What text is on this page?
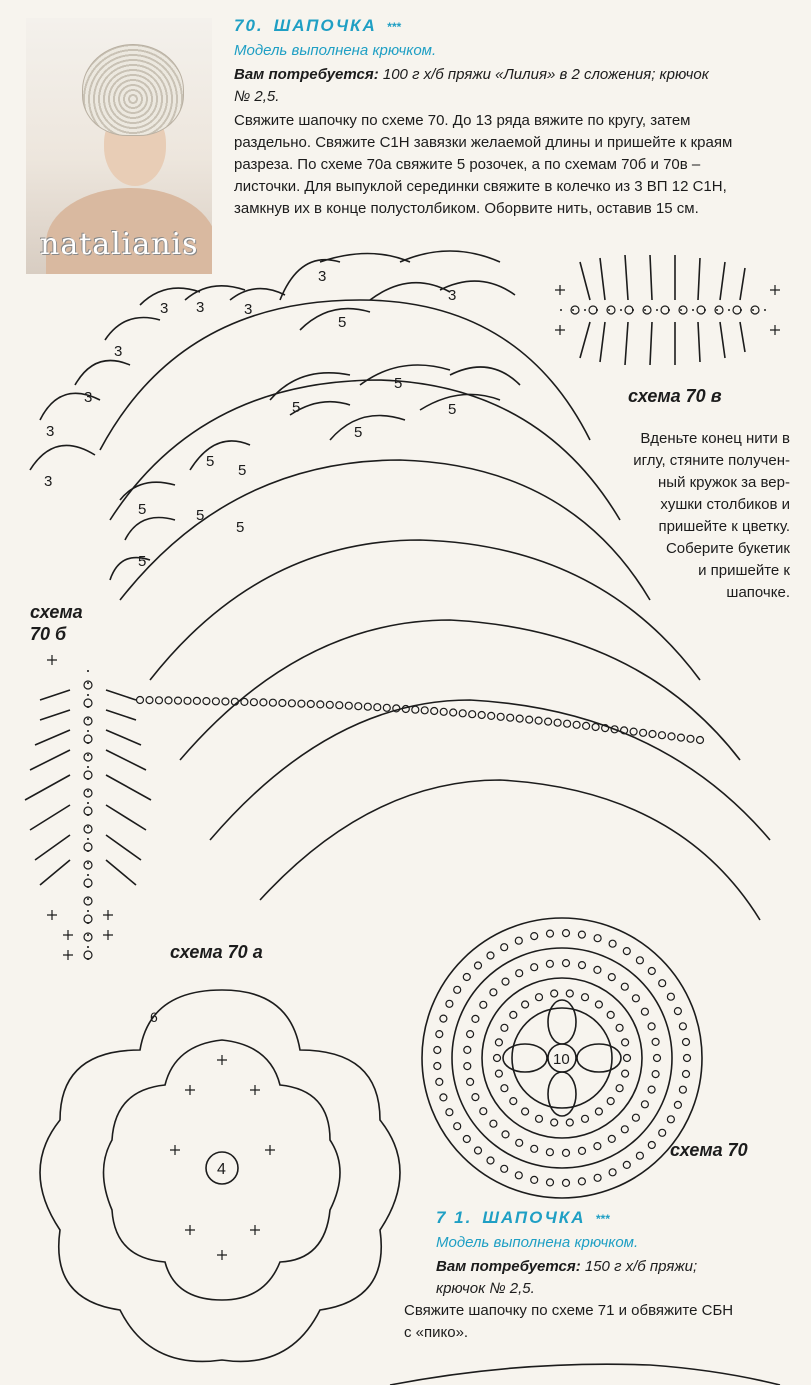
natalianis
70. ШАПОЧКА ***
Модель выполнена крючком.
Вам потребуется: 100 г х/б пряжи «Лилия» в 2 сложения; крючок
№ 2,5.
Свяжите шапочку по схеме 70. До 13 ряда вяжите по кругу, затем
раздельно. Свяжите С1Н завязки желаемой длины и пришейте к краям
разреза. По схеме 70а свяжите 5 розочек, а по схемам 70б и 70в –
листочки. Для выпуклой серединки свяжите в колечко из 3 ВП 12 С1Н,
замкнув их в конце полустолбиком. Оборвите нить, оставив 15 см.
3
3
3
3
3 3	3
3
3
5
5
5	5
5
5
5
5	5
5
5
6
4
10
схема 70 в
схема
70 б
схема 70 а
схема 70
Вденьте конец нити в
иглу, стяните получен-
ный кружок за вер-
хушки столбиков и
пришейте к цветку.
Соберите букетик
и пришейте к
шапочке.
7 1. ШАПОЧКА ***
Модель выполнена крючком.
Вам потребуется: 150 г х/б пряжи;
крючок № 2,5.
Свяжите шапочку по схеме 71 и обвяжите СБН
с «пико».
